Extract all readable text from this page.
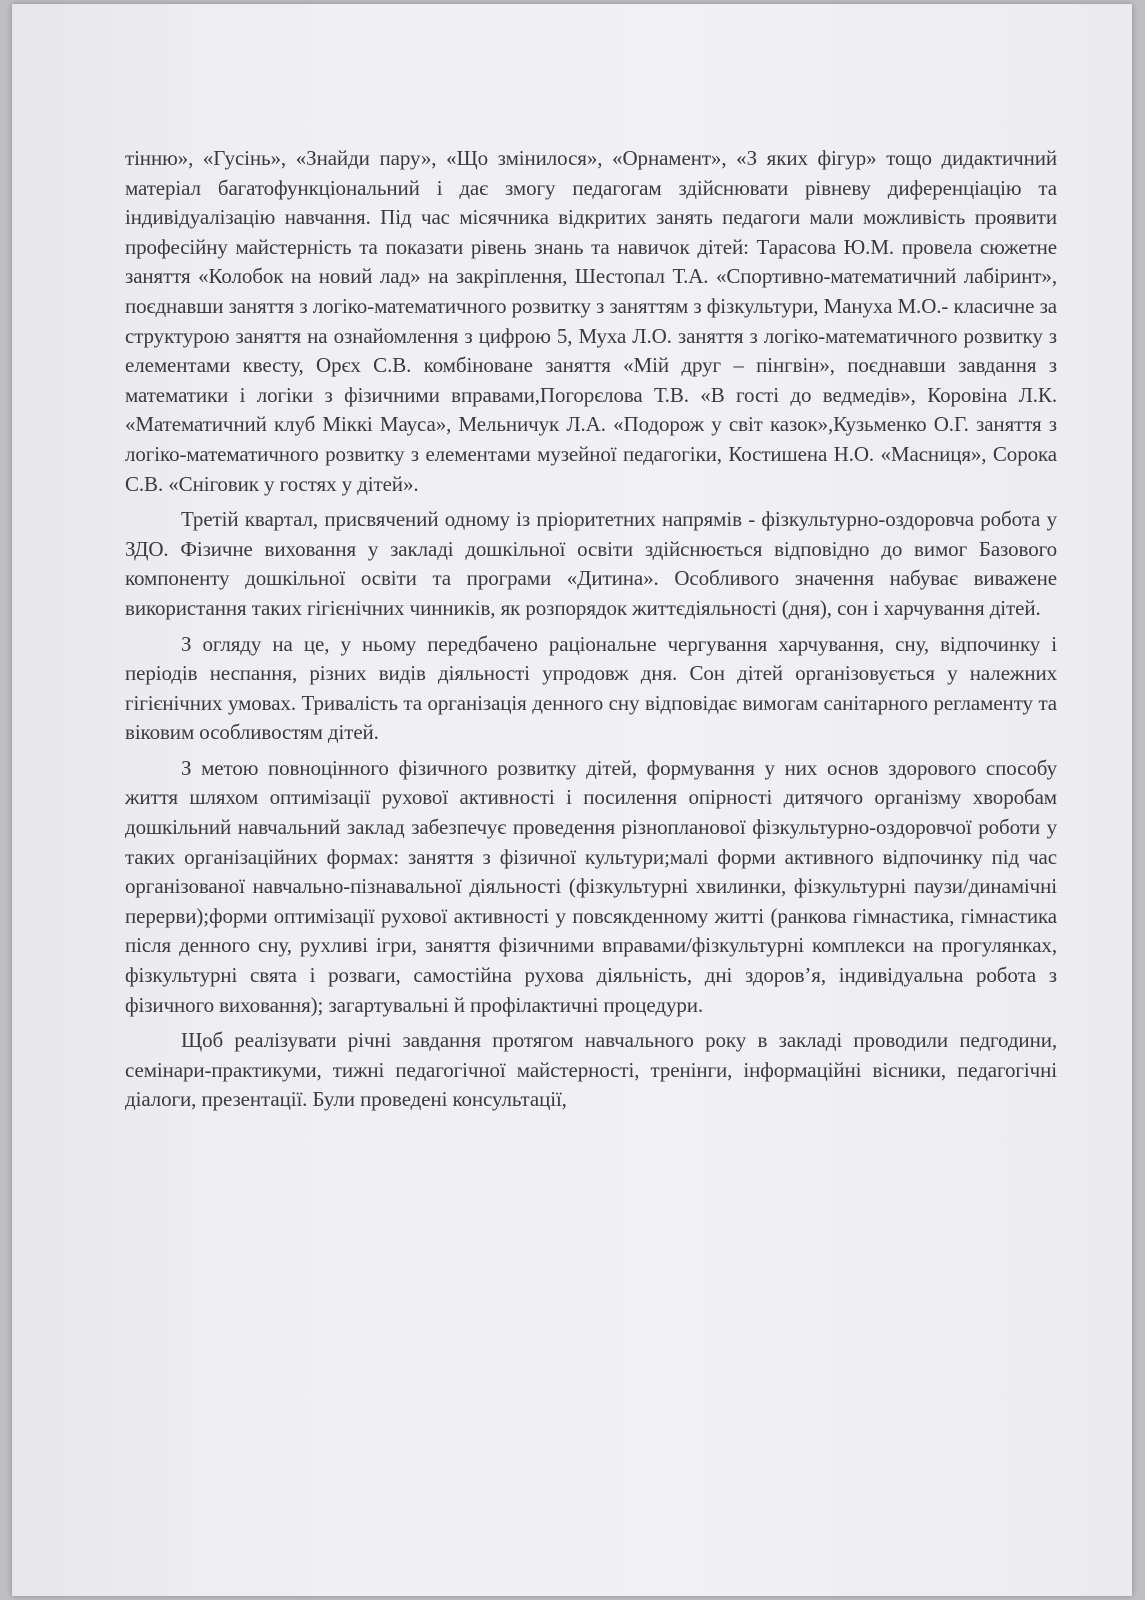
тінню», «Гусінь», «Знайди пару», «Що змінилося», «Орнамент», «З яких фігур» тощо дидактичний матеріал багатофункціональний і дає змогу педагогам здійснювати рівневу диференціацію та індивідуалізацію навчання. Під час місячника відкритих занять педагоги мали можливість проявити професійну майстерність та показати рівень знань та навичок дітей: Тарасова Ю.М. провела сюжетне заняття «Колобок на новий лад» на закріплення, Шестопал Т.А. «Спортивно-математичний лабіринт», поєднавши заняття з логіко-математичного розвитку з заняттям з фізкультури, Мануха М.О.- класичне за структурою заняття на ознайомлення з цифрою 5, Муха Л.О. заняття з логіко-математичного розвитку з елементами квесту, Орєх С.В. комбіноване заняття «Мій друг – пінгвін», поєднавши завдання з математики і логіки з фізичними вправами,Погорєлова Т.В. «В гості до ведмедів», Коровіна Л.К. «Математичний клуб Міккі Мауса», Мельничук Л.А. «Подорож у світ казок»,Кузьменко О.Г. заняття з логіко-математичного розвитку з елементами музейної педагогіки, Костишена Н.О. «Масниця», Сорока С.В. «Сніговик у гостях у дітей».

Третій квартал, присвячений одному із пріоритетних напрямів - фізкультурно-оздоровча робота у ЗДО. Фізичне виховання у закладі дошкільної освіти здійснюється відповідно до вимог Базового компоненту дошкільної освіти та програми «Дитина». Особливого значення набуває виважене використання таких гігієнічних чинників, як розпорядок життєдіяльності (дня), сон і харчування дітей.

З огляду на це, у ньому передбачено раціональне чергування харчування, сну, відпочинку і періодів неспання, різних видів діяльності упродовж дня. Сон дітей організовується у належних гігієнічних умовах. Тривалість та організація денного сну відповідає вимогам санітарного регламенту та віковим особливостям дітей.

З метою повноцінного фізичного розвитку дітей, формування у них основ здорового способу життя шляхом оптимізації рухової активності і посилення опірності дитячого організму хворобам дошкільний навчальний заклад забезпечує проведення різнопланової фізкультурно-оздоровчої роботи у таких організаційних формах: заняття з фізичної культури;малі форми активного відпочинку під час організованої навчально-пізнавальної діяльності (фізкультурні хвилинки, фізкультурні паузи/динамічні перерви);форми оптимізації рухової активності у повсякденному житті (ранкова гімнастика, гімнастика після денного сну, рухливі ігри, заняття фізичними вправами/фізкультурні комплекси на прогулянках, фізкультурні свята і розваги, самостійна рухова діяльність, дні здоров’я, індивідуальна робота з фізичного виховання); загартувальні й профілактичні процедури.

Щоб реалізувати річні завдання протягом навчального року в закладі проводили педгодини, семінари-практикуми, тижні педагогічної майстерності, тренінги, інформаційні вісники, педагогічні діалоги, презентації. Були проведені консультації,
